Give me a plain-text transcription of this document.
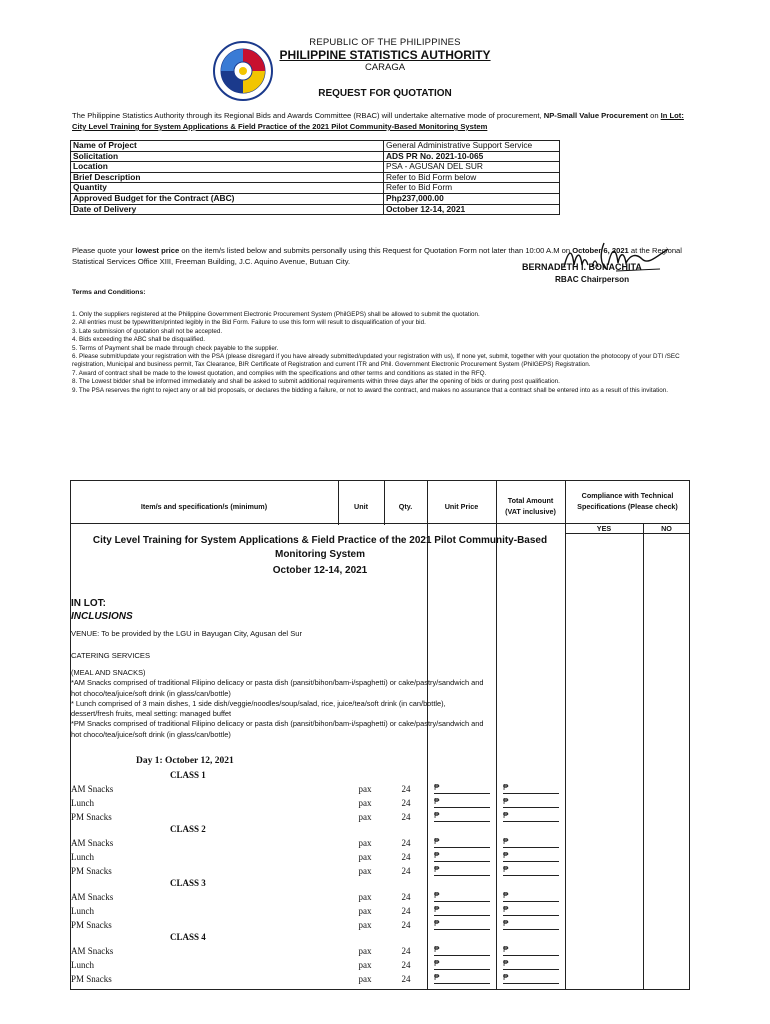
REPUBLIC OF THE PHILIPPINES
PHILIPPINE STATISTICS AUTHORITY
CARAGA
REQUEST FOR QUOTATION
The Philippine Statistics Authority through its Regional Bids and Awards Committee (RBAC) will undertake alternative mode of procurement, NP-Small Value Procurement on In Lot: City Level Training for System Applications & Field Practice of the 2021 Pilot Community-Based Monitoring System
Name of Project	General Administrative Support Service
Solicitation	ADS PR No. 2021-10-065
Location	PSA - AGUSAN DEL SUR
Brief Description	Refer to Bid Form below
Quantity	Refer to Bid Form
Approved Budget for the Contract (ABC)	Php237,000.00
Date of Delivery	October 12-14, 2021
Please quote your lowest price on the item/s listed below and submits personally using this Request for Quotation Form not later than 10:00 A.M on October 6, 2021 at the Regional Statistical Services Office XIII, Freeman Building, J.C. Aquino Avenue, Butuan City.
BERNADETH I. BONACHITA
RBAC Chairperson
Terms and Conditions:
1. Only the suppliers registered at the Philippine Government Electronic Procurement System (PhilGEPS) shall be allowed to submit the quotation.
2. All entries must be typewritten/printed legibly in the Bid Form. Failure to use this form will result to disqualification of your bid.
3. Late submission of quotation shall not be accepted.
4. Bids exceeding the ABC shall be disqualified.
5. Terms of Payment shall be made through check payable to the supplier.
6. Please submit/update your registration with the PSA (please disregard if you have already submitted/updated your registration with us), If none yet, submit, together with your quotation the photocopy of your DTI /SEC registration, Municipal and business permit, Tax Clearance, BIR Certificate of Registration and current ITR and Phil. Government Electronic Procurement System (PhilGEPS) Registration.
7. Award of contract shall be made to the lowest quotation, and complies with the specifications and other terms and conditions as stated in the RFQ.
8. The Lowest bidder shall be informed immediately and shall be asked to submit additional requirements within three days after the opening of bids or during post qualification.
9. The PSA reserves the right to reject any or all bid proposals, or declares the bidding a failure, or not to award the contract, and makes no assurance that a contract shall be entered into as a result of this invitation.
Item/s and specification/s (minimum)	Unit	Qty.	Unit Price
Total Amount
(VAT inclusive)
Compliance with Technical
Specifications (Please check)
YES	NO
City Level Training for System Applications & Field Practice of the 2021 Pilot Community-Based
Monitoring System
October 12-14, 2021
IN LOT:
INCLUSIONS
VENUE: To be provided by the LGU in Bayugan City, Agusan del Sur
CATERING SERVICES
(MEAL AND SNACKS)
*AM Snacks comprised of traditional Filipino delicacy or pasta dish (pansit/bihon/bam-i/spaghetti) or cake/pastry/sandwich and
hot choco/tea/juice/soft drink (in glass/can/bottle)
* Lunch comprised of 3 main dishes, 1 side dish/veggie/noodles/soup/salad, rice, juice/tea/soft drink (in can/bottle),
dessert/fresh fruits, meal setting: managed buffet
*PM Snacks comprised of traditional Filipino delicacy or pasta dish (pansit/bihon/bam-i/spaghetti) or cake/pastry/sandwich and
hot choco/tea/juice/soft drink (in glass/can/bottle)
Day 1: October 12, 2021
CLASS 1
AM Snacks	pax	24	₱	₱
Lunch	pax	24	₱	₱
PM Snacks	pax	24	₱	₱
CLASS 2
AM Snacks	pax	24	₱	₱
Lunch	pax	24	₱	₱
PM Snacks	pax	24	₱	₱
CLASS 3
AM Snacks	pax	24	₱	₱
Lunch	pax	24	₱	₱
PM Snacks	pax	24	₱	₱
CLASS 4
AM Snacks	pax	24	₱	₱
Lunch	pax	24	₱	₱
PM Snacks	pax	24	₱	₱
